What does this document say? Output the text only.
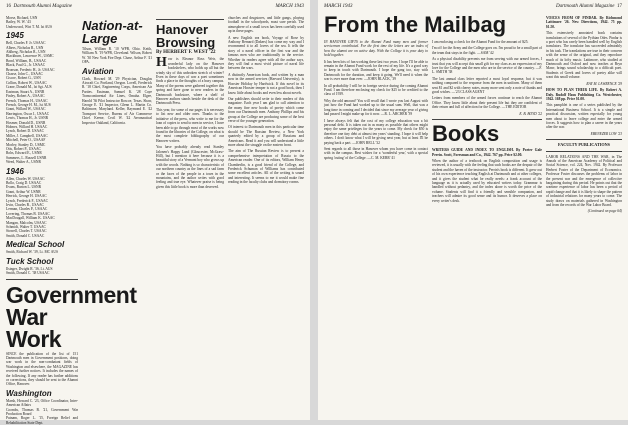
16 Dartmouth Alumni Magazine	MARCH 1943
Morse, Richard, USN
Bailey, W. W. '43
Underwood, Wirt T. M. lst AUS
1945
Bell, Charles F. Jr. USAAC
Albers, Nicholas R., USN
Ahlberg, Nicholas R., USN
Blackburn, Lawrence W., USMC
Bond, William, B., USAAC
Black, Paul G., Jr. USAAC
Bronson, Frederic H., Jr. USAAC
Chasse, John C., USAAC
Ciscoe, Robert G., USN
Collins, Robert W., USAAC
Crane, Donald M., lst Sgt. AUS
Eastman, Stuart A., USNR
Finley, Robert A., USAAC
French, Thomas H., USAAC
French, George H. M., lst AUS
Grant, Willard W., USAAC
Harrington, Oscar J., USAAC
Lewis, Thomas H., Jr. USNR
Hosmer, Donald D., USNR
Holmes, Willard H. USAAC
Lynch, Robert D. USAAC
Miller, J. Campbell, USAAC
Mitchell, Peter O., USAAF
Morley, Stanley D., USMC
Otis, Robert P., USAAC
Rohs, Edward E., USNR
Summers, L. Russell USNR
Weed, Walter A., USNR
1946
Allen, Charles W. USAAC
Bollo, Craig D. USAAC
Evans, Burton L. USNR
Grant, Arthur W. USNR
Herrick, George H. USAAC
Lynch, Frederick F., USAAC
Irvin, Charles B., USAAC
Lerman, Charles P., USAAC
Lovering, Thomas B. USAAC
MacDougall, William K. USAAC
Mangan, Malcolm, USAAC
Schmidt, Walter T. USAAC
Stowell, Charles T. USAAC
Smith, Donald C. USAAC
Medical School
Smith, Richard W. '39, Lt. MC AUS
Tuck School
Ilsinger, Dwight R. '36, Lt. AUS
Smith, Donald C. '38 USAAC
Government War Work
SINCE the publication of the list of 151 Dartmouth men in Government positions, doing war work in the non-combatant fields of Washington and elsewhere, the MAGAZINE has received further notices. It includes the names of the following. If any reader has further additions or corrections, they should be sent to the Alumni Office, Hanover.
Washington
Marsh, Howard C. '23, Office Coordinator, Inter-American Affairs
Coombs, Thomas B. '21, Government War Production Board
Putnam, Roger L. '15, Foreign Relief and Rehabilitation State Dept.
Nation-at-Large
Tilson, William B. '10 WPB, Ohio. Keith, William N. '19 WPB, Cleveland. Wilson, Robert W. '30 New York Fire Dept. Chase, Arthur F. '41 OPA.
Aviation
Clark, Howard M. '29 Physician, Douglas Aircraft Co. Portland, Oregon. Lovell, Frederick R. '18 Chief, Engineering Corps, American Air Parties. Eastman, Samuel K. '28 Caye Transcontinental Air Lines, Omaha. Elgee, Harold '36 Pilot Instructor Roscoe, Texas. Shaw, George E. '41 Inspector, Glenn L. Martin Co. Baltimore, Maryland. Keller, Raymond E. '42 Transport Service, Bureau of Air Commerce Chief. Keene, Cecil W. '42 Aeronautical Inspector Oakland, California.
Hanover Browsing
By HERBERT F. WEST '22
How is Eleanor Ross Weir, the wonderful lady on the Hanover bookshelves, who holds up all but the windy sky of this unbroken stretch of winter? Even in these days of war a poet sometimes finds a place in the thoughts of a busy campus. Many of the poems were gathered together this spring and have gone to new readers in the Dartmouth bookstore, where a shelf of Hanover authors stands beside the desk of the Dartmouth Press.
This year, for some of our pages it is necessary to list new and older ones. Thanks to the initiative of the press, who write to me for the loan of copies to send to men in service, I have been able to go through most of the works now found in the libraries of the College, on what is the most complete bibliography of our Hanover writers.
You have probably already read Stanley Jalonen's Happy Land (Gloucester, McGraw-Hill), but I mention it here because it is a beautiful story of a Vermont boy who grows up with the woods. Nothing is so characteristic of our northern country as the lines of a sad farm or the faces of the people in a town in the mountains, and the author writes with good feeling and true eye. Whatever praise is being given this little book is more than deserved.
churches and drugstores, and little gangs, playing football in the schoolyards, must sure perish. The atmosphere of a small town has been carefully used up in these pages.
A new English sea book, Voyage of Rose by Anthony Bernard (Dakers) has come my way and I recommend it to all lovers of the sea. It tells the story of a naval officer in the first war and the famous men who are traditionally in the service. Whether its readers agree with all the author says, they will find a most vivid picture of naval life between the wars.
A distinctly American book, and written by a man now in the armed services (Harvard University), is Hoosier Holiday by Hardwick. If this novel in its American Hoosier temper is not a good book, then I know little about books and even less about novels.
Our publishers should write to their readers of this magazine. Each year I am glad to call attention to the many fine new books of poetry which come from our Dartmouth men. Anthony Phillips and his group at the College are producing some of the best verse of the younger generation.
Of interest to Dartmouth men in this particular time should be The Russian Review, a New York quarterly edited by a group of Russians and Americans. Read it and you will understand a little more about the struggle on the eastern front.
The aim of The Russian Review is to present a comprehensive interpretation of Russia to the American reader. One of its editors, William Henry Chamberlin, is a good friend of the College, and Frederick Schuman of Williams has contributed some excellent articles. All of the writing is sound and interesting. It seems to me it would make fine reading in the faculty clubs and dormitory rooms.
MARCH 1943	Dartmouth Alumni Magazine 17
From the Mailbag
IN HANOVER GIFTS to the Alumni Fund many men and former servicemen contributed. For the first time the letters are an index of how the alumni are on active duty. With the College it is your duty to hold together.
It has been lots of fun working these last two years. I hope I'll be able to remain in the Alumni Fund work for the rest of my life. It's a good way to keep in touch with Dartmouth. I hope the gang too, stay with Dartmouth for the duration, and keep it going. We'll need it when the war is over more than ever. —JOHN BLACK, '39
In all probability I will be in foreign service during the coming Alumni Fund. I am therefore enclosing my check for $25 to be credited to the class of 1939.
Why the odd amount? You will recall that I wrote you last August with just how the Fund had worked up to the usual sum. Well, that was a long time in coming and I decided that since my average year of giving had passed I might make up for it now. —R. L. ARCHER '39
I have always felt that the cost of my college education was a bit personal debt. It is taken out in as many as possible that others might enjoy the same privileges for the years to come. My check for $50 is therefore one tiny debt at almost ten years' standing. I hope it will help others. I don't know what I will be giving next year, but at least I'll be paying back a part. —JOHN BELL '32
Sent regards to all those in Hanover whom you have come in contact with in the campus. Best wishes for a 'wonderful year,' with a special spring 'outing' of the College. —C. M. KERR '41
I am enclosing a check for the Alumni Fund for the amount of $25.
I'm off for the Army and the College goes on. I'm proud to be a small part of the team that stays in the fight. —SAM '42
As a physical disability prevents me from serving with our armed forces, I trust that you will accept this small gift for my class as an expression of my love for the College and the men who are in the service of the country. —F. L. SMITH '38
The last annual class letter reported a most loyal response, but it was nothing compared to the response from the men in uniform. Many of them sent $1 and $2 with cheery notes, many more sent only a note of thanks and good wishes. —'23 CLASS AGENT
Letters from members of the armed forces continue to reach the Alumni Office. They know little about their present life but they are confident of their return and full of affection for the College. —THE EDITOR
E. B. BOYD '22
Books
WRITERS GUIDE AND INDEX TO ENGLISH. By Porter Gale Perrin. Scott, Foresman and Co., 1942. 767 pp. Price $2.00.
When the author of a textbook on English composition and usage is reviewed, it is usually with the feeling that such books are the despair of the student and the haven of the instructor. Perrin's book is different. It grew out of his own experience teaching English at Dartmouth and at other colleges, and it gives the student what he really needs: a frank account of the language as it is actually used by educated writers today. Grammar is handled without pedantry, and the index alone is worth the price of the volume. Students will find it a friendly and sensible companion, and teachers will admire its good sense and its humor. It deserves a place on every writer's desk.
VOICES FROM OF PINDAR. By Richmond Lattimore '26. New Directions, 1942. 75 pp. $1.50.
This extensively annotated book contains translations of several of the Pythian Odes. Pindar is a poet who has rarely been handled well by English translators. The translator has succeeded admirably in his task. The translations are true in their concern with the sense of the original, and they reproduce much of its lofty music. Lattimore, who studied at Dartmouth and Oxford and now teaches at Bryn Mawr, brings sound scholarship to a difficult poet. Students of Greek and lovers of poetry alike will want this small volume.
RAY M. LAWRENCE '29
HOW TO PLAN THEIR LIFE. By Robert A. Daly. Rudolf Haus Publishing Co. Westchester, 1942. 168 pp. Price $1.00.
This pamphlet is one of a series published by the International Business School. It is a simple and practical discussion, written especially for young men about to leave college and enter the armed forces. It suggests how to plan a career in the years after the war.
EBENEZER LOW '23
FACULTY PUBLICATIONS
LABOR RELATIONS AND THE WAR, in The Annals of the American Academy of Political and Social Science, vol. 224, Nov. 1942. By Professor Herbert Foster of the Department of Economics. Professor Foster discusses the problems of labor in the present war and the emergence of collective bargaining during this period. He points out that the wartime experience of labor has been a period of rapid change and that it is likely to shape the pattern of industrial relations for many years to come. The study draws on materials gathered in Washington and from the records of the War Labor Board.
(Continued on page 64)
